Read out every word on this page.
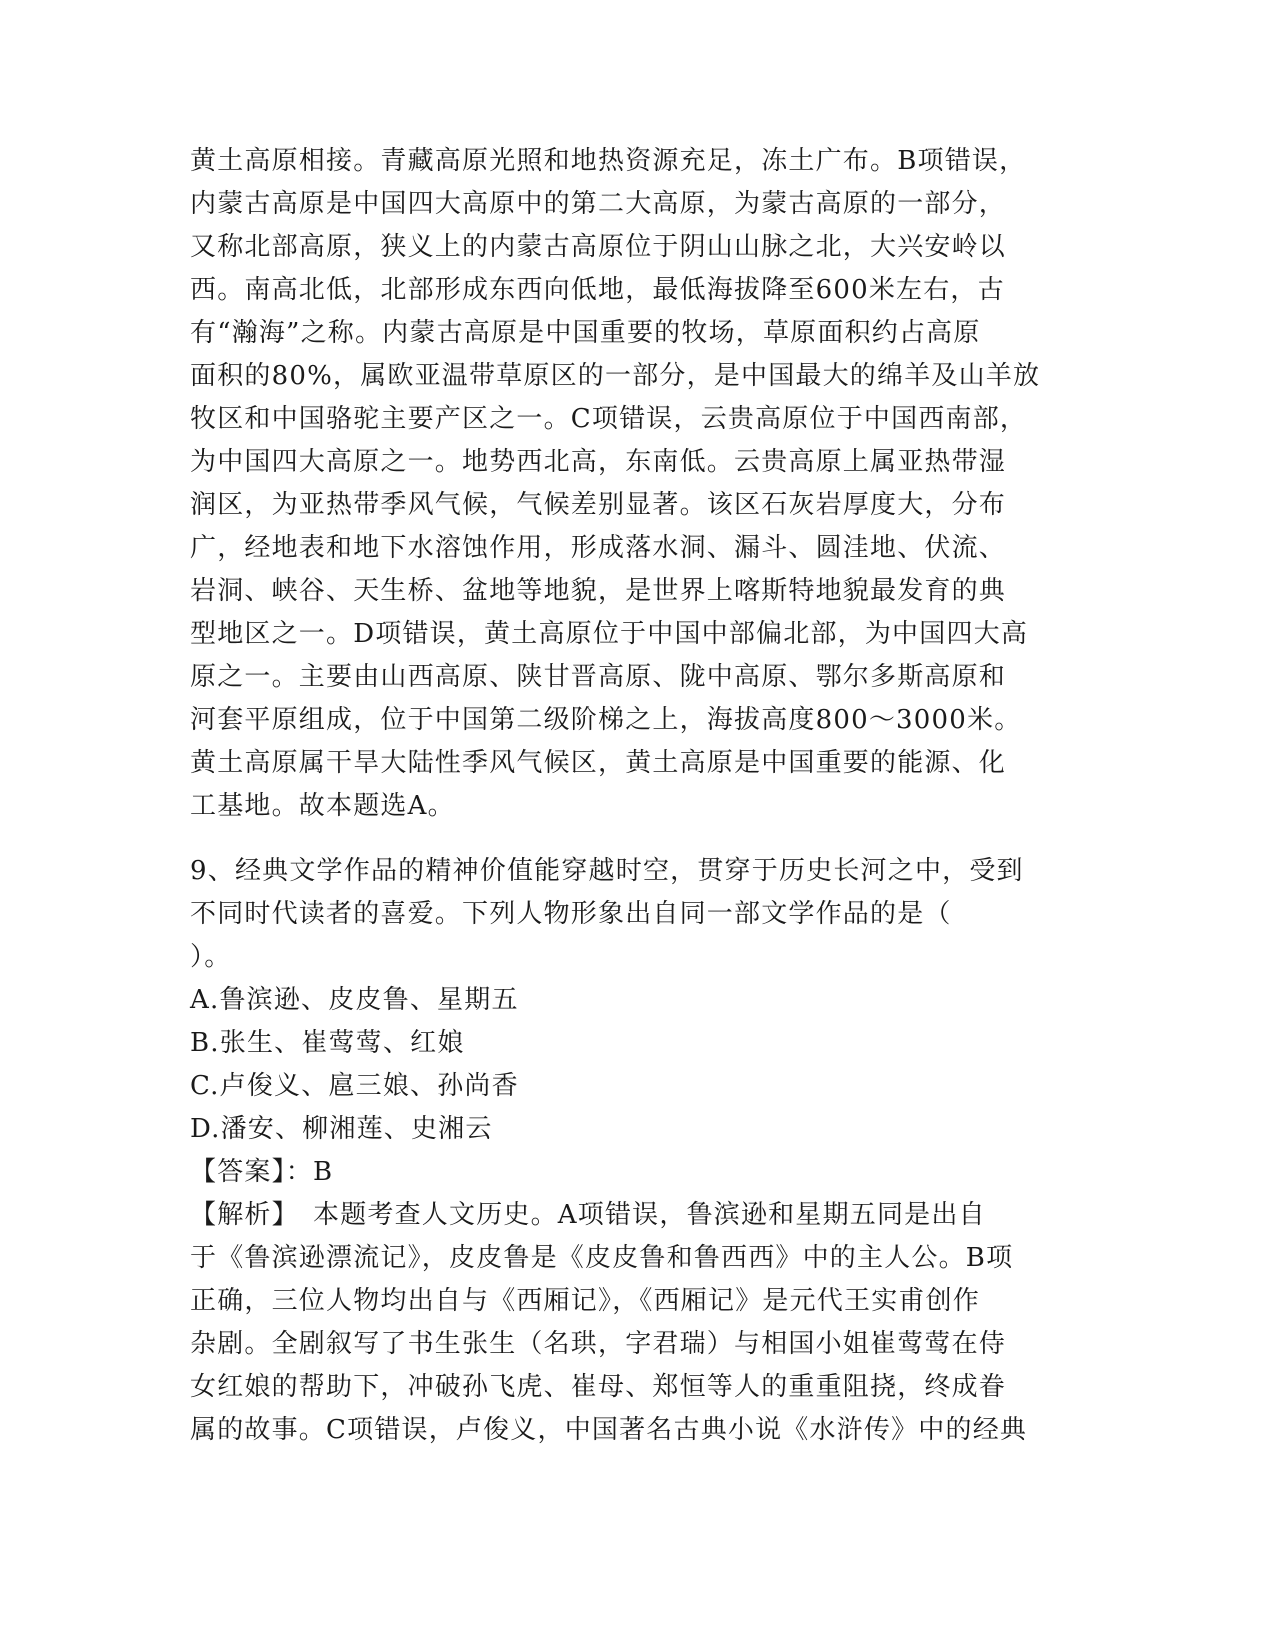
黄土高原相接。青藏高原光照和地热资源充足，冻土广布。B项错误，
内蒙古高原是中国四大高原中的第二大高原，为蒙古高原的一部分，
又称北部高原，狭义上的内蒙古高原位于阴山山脉之北，大兴安岭以
西。南高北低，北部形成东西向低地，最低海拔降至600米左右，古
有“瀚海”之称。内蒙古高原是中国重要的牧场，草原面积约占高原
面积的80%，属欧亚温带草原区的一部分，是中国最大的绵羊及山羊放
牧区和中国骆驼主要产区之一。C项错误，云贵高原位于中国西南部，
为中国四大高原之一。地势西北高，东南低。云贵高原上属亚热带湿
润区，为亚热带季风气候，气候差别显著。该区石灰岩厚度大，分布
广，经地表和地下水溶蚀作用，形成落水洞、漏斗、圆洼地、伏流、
岩洞、峡谷、天生桥、盆地等地貌，是世界上喀斯特地貌最发育的典
型地区之一。D项错误，黄土高原位于中国中部偏北部，为中国四大高
原之一。主要由山西高原、陕甘晋高原、陇中高原、鄂尔多斯高原和
河套平原组成，位于中国第二级阶梯之上，海拔高度800～3000米。
黄土高原属干旱大陆性季风气候区，黄土高原是中国重要的能源、化
工基地。故本题选A。
9、经典文学作品的精神价值能穿越时空，贯穿于历史长河之中，受到
不同时代读者的喜爱。下列人物形象出自同一部文学作品的是（
）。
A.鲁滨逊、皮皮鲁、星期五
B.张生、崔莺莺、红娘
C.卢俊义、扈三娘、孙尚香
D.潘安、柳湘莲、史湘云
【答案】：B
【解析】　本题考查人文历史。A项错误，鲁滨逊和星期五同是出自
于《鲁滨逊漂流记》，皮皮鲁是《皮皮鲁和鲁西西》中的主人公。B项
正确，三位人物均出自与《西厢记》，《西厢记》是元代王实甫创作
杂剧。全剧叙写了书生张生（名珙，字君瑞）与相国小姐崔莺莺在侍
女红娘的帮助下，冲破孙飞虎、崔母、郑恒等人的重重阻挠，终成眷
属的故事。C项错误，卢俊义，中国著名古典小说《水浒传》中的经典
